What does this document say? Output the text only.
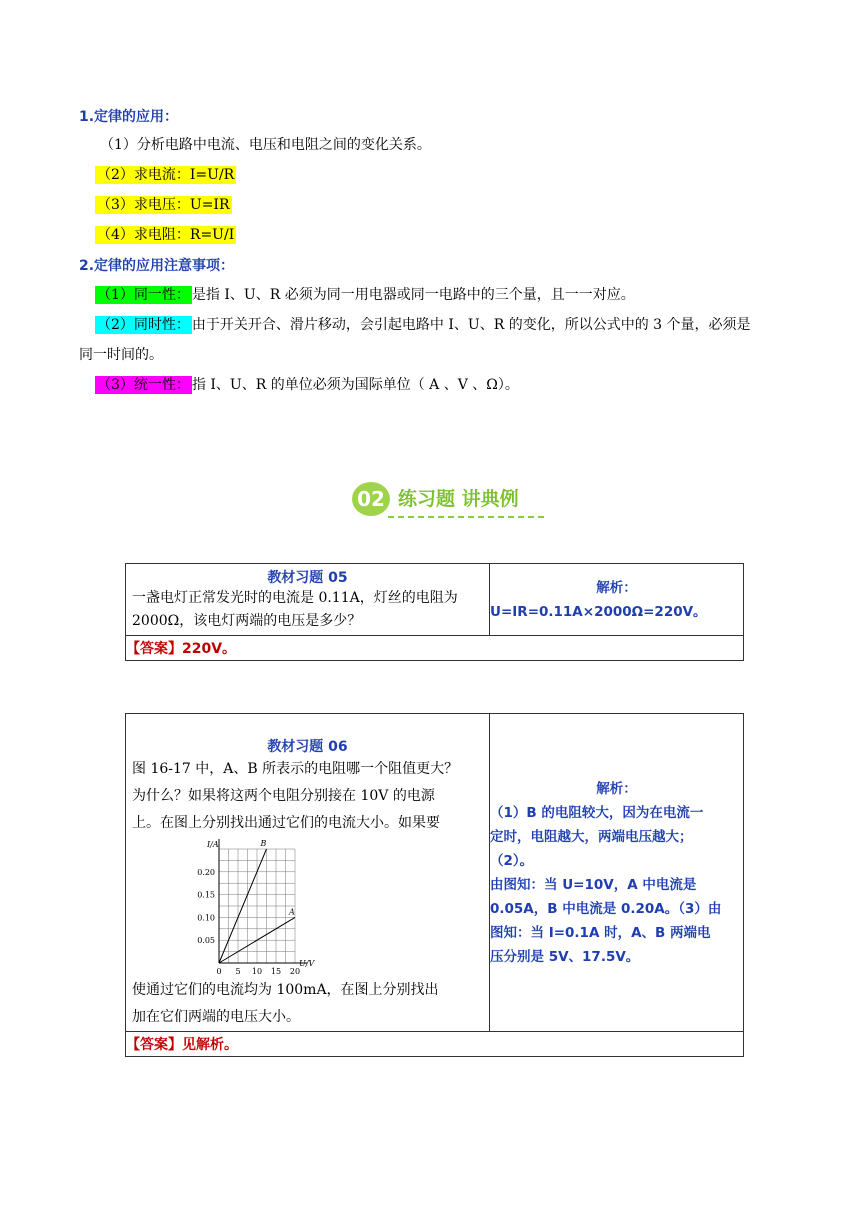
1.定律的应用：
（1）分析电路中电流、电压和电阻之间的变化关系。
（2）求电流：I=U/R
（3）求电压：U=IR
（4）求电阻：R=U/I
2.定律的应用注意事项：
（1）同一性： 是指 I、U、R 必须为同一用电器或同一电路中的三个量，且一一对应。
（2）同时性： 由于开关开合、滑片移动，会引起电路中 I、U、R 的变化，所以公式中的 3 个量，必须是
同一时间的。
（3）统一性： 指 I、U、R 的单位必须为国际单位（ A 、V 、Ω）。
02 练习题 讲典例
教材习题 05
一盏电灯正常发光时的电流是 0.11A，灯丝的电阻为
2000Ω，该电灯两端的电压是多少？

解析：
U=IR=0.11A×2000Ω=220V。

【答案】220V。
教材习题 06
图 16-17 中，A、B 所表示的电阻哪一个阻值更大？
为什么？如果将这两个电阻分别接在 10V 的电源
上。在图上分别找出通过它们的电流大小。如果要
0 5 10 15 20
0.05
0.10
0.15
0.20
U/V
I/A
A
B
使通过它们的电流均为 100mA，在图上分别找出
加在它们两端的电压大小。

解析：
（1）B 的电阻较大，因为在电流一
定时，电阻越大，两端电压越大；
（2）。
由图知：当 U=10V，A 中电流是
0.05A，B 中电流是 0.20A。（3）由
图知：当 I=0.1A 时，A、B 两端电
压分别是 5V、17.5V。

【答案】见解析。
